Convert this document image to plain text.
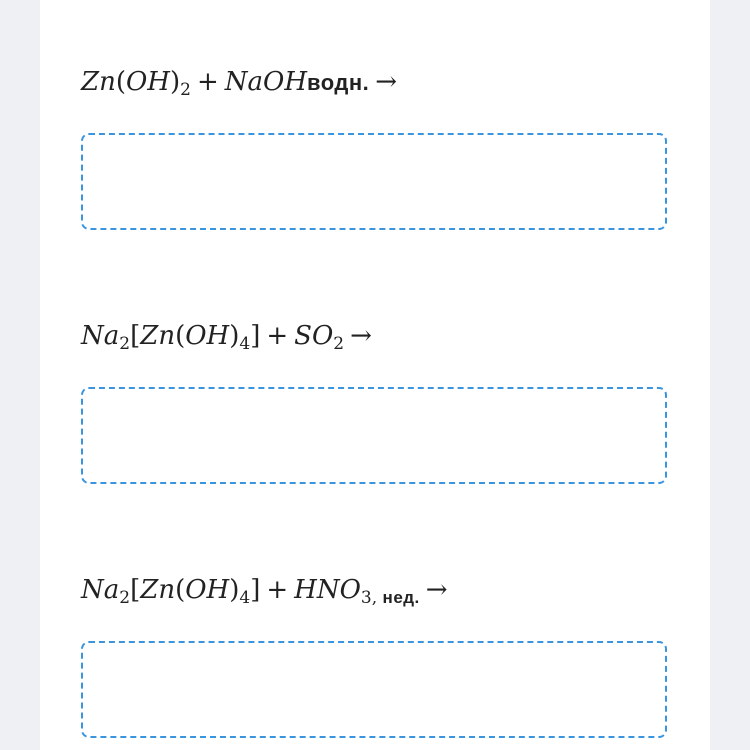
$Zn(OH)_2$ + NaOHводн. →
$Na_2[Zn(OH)_4] + SO_2$ →
$Na_2[Zn(OH)_4] + HNO_{3, нед.}$ →
